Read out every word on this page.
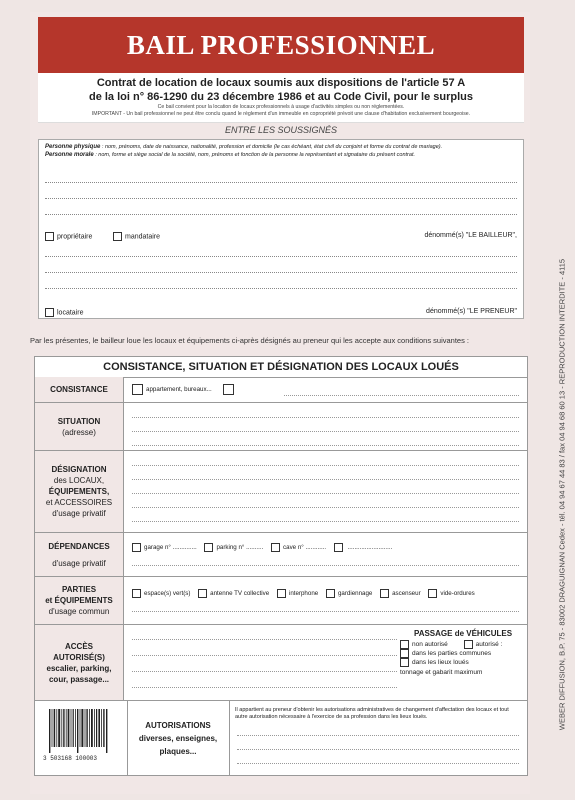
BAIL PROFESSIONNEL
Contrat de location de locaux soumis aux dispositions de l'article 57 A
de la loi n° 86-1290 du 23 décembre 1986 et au Code Civil, pour le surplus
Ce bail convient pour la location de locaux professionnels à usage d'activités simples ou non réglementées.
IMPORTANT - Un bail professionnel ne peut être conclu quand le règlement d'un immeuble en copropriété prévoit une clause d'habitation exclusivement bourgeoise.
ENTRE LES SOUSSIGNÉS
Personne physique : nom, prénoms, date de naissance, nationalité, profession et domicile (le cas échéant, état civil du conjoint et forme du contrat de mariage).
Personne morale : nom, forme et siège social de la société, nom, prénoms et fonction de la personne la représentant et signataire du présent contrat.
propriétaire	mandataire	dénommé(s) "LE BAILLEUR",
locataire	dénommé(s) "LE PRENEUR"
Par les présentes, le bailleur loue les locaux et équipements ci-après désignés au preneur qui les accepte aux conditions suivantes :
CONSISTANCE, SITUATION ET DÉSIGNATION DES LOCAUX LOUÉS
CONSISTANCE	appartement, bureaux...
SITUATION
(adresse)
DÉSIGNATION
des LOCAUX,
ÉQUIPEMENTS,
et ACCESSOIRES
d'usage privatif
DÉPENDANCES
d'usage privatif
garage n° ..............	parking n° ..........	cave n° ............	..........................
PARTIES
et ÉQUIPEMENTS
d'usage commun
espace(s) vert(s)	antenne TV collective	interphone	gardiennage	ascenseur	vide-ordures
ACCÈS
AUTORISÉ(S)
escalier, parking, cour, passage...
PASSAGE de VÉHICULES
non autorisé	autorisé :
dans les parties communes
dans les lieux loués
tonnage et gabarit maximum
3 503168 100003
AUTORISATIONS
diverses, enseignes, plaques...
Il appartient au preneur d'obtenir les autorisations administratives de changement d'affectation des locaux et tout autre autorisation nécessaire à l'exercice de sa profession dans les lieux loués.	WEBER DIFFUSION, B.P. 75 - 83002 DRAGUIGNAN Cedex - tél. 04 94 67 44 83 / fax 04 94 68 60 13 - REPRODUCTION INTERDITE - 4115
